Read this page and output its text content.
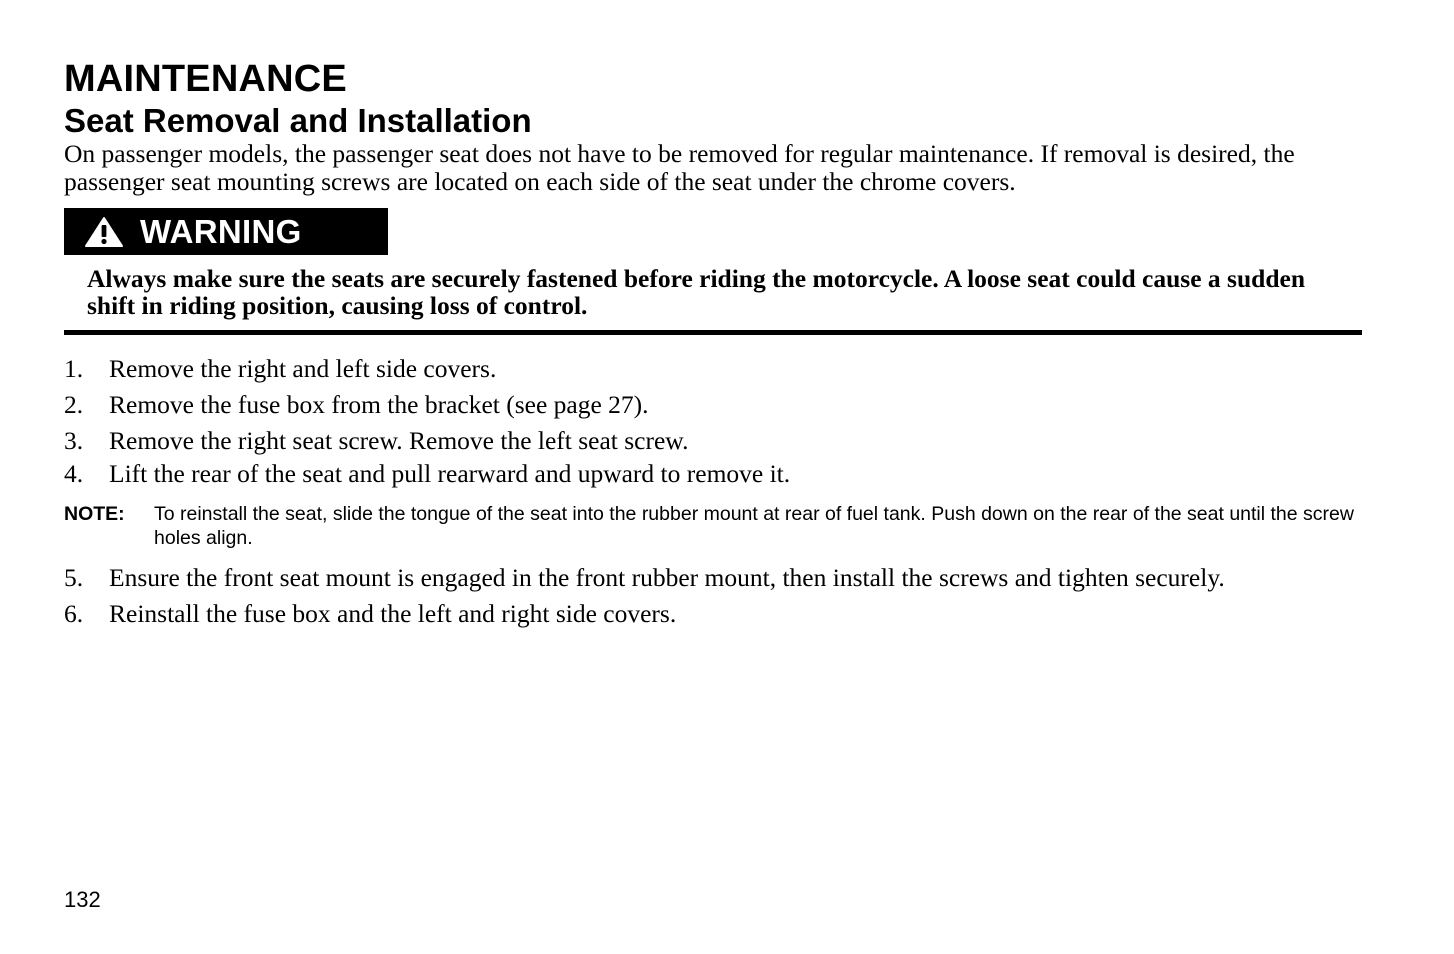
MAINTENANCE
Seat Removal and Installation

On passenger models, the passenger seat does not have to be removed for regular maintenance. If removal is desired, the passenger seat mounting screws are located on each side of the seat under the chrome covers.

WARNING

Always make sure the seats are securely fastened before riding the motorcycle. A loose seat could cause a sudden shift in riding position, causing loss of control.

1.	Remove the right and left side covers.
2.	Remove the fuse box from the bracket (see page 27).
3.	Remove the right seat screw. Remove the left seat screw.
4.	Lift the rear of the seat and pull rearward and upward to remove it.
NOTE:	To reinstall the seat, slide the tongue of the seat into the rubber mount at rear of fuel tank. Push down on the rear of the seat until the screw holes align.
5.	Ensure the front seat mount is engaged in the front rubber mount, then install the screws and tighten securely.
6.	Reinstall the fuse box and the left and right side covers.
132
